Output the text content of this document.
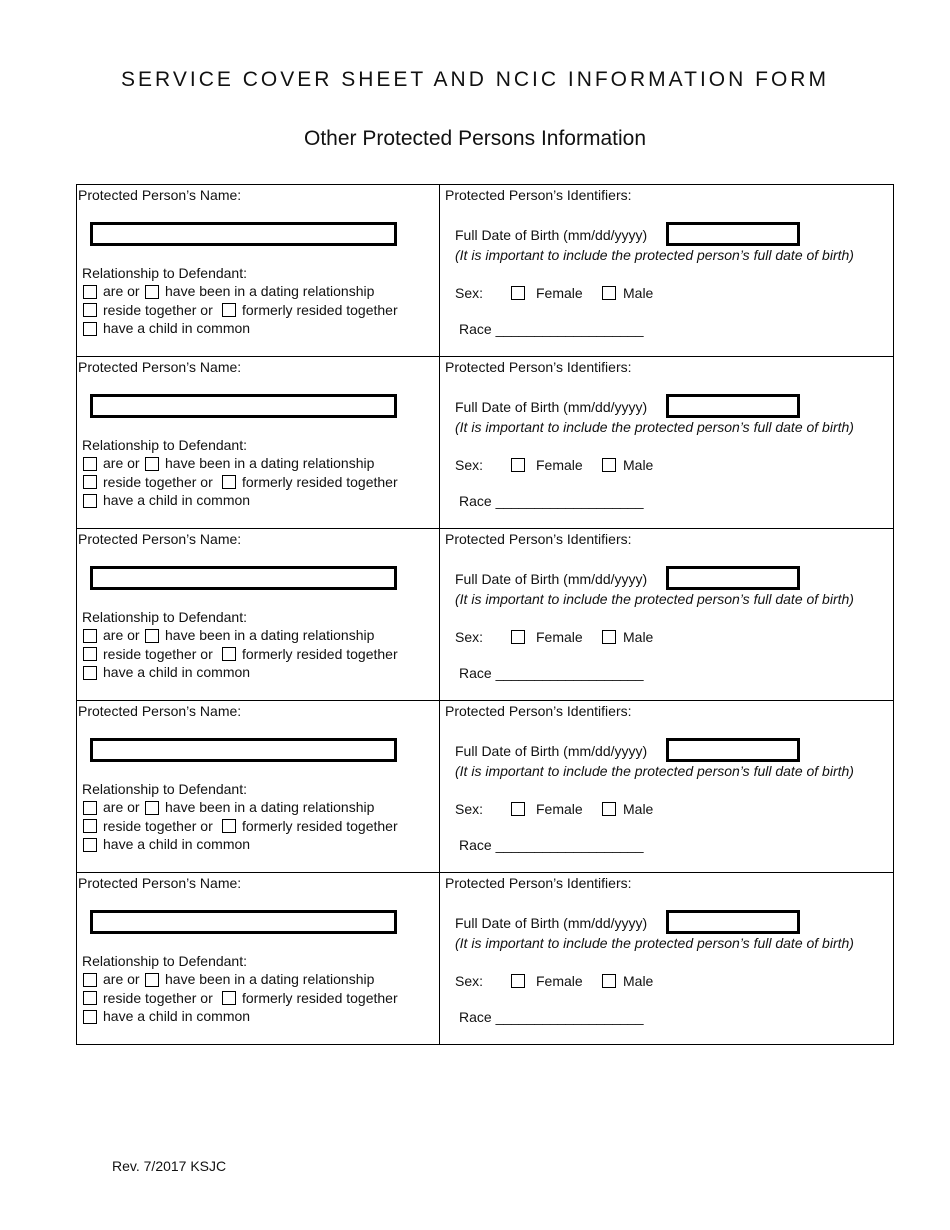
SERVICE COVER SHEET AND NCIC INFORMATION FORM
Other Protected Persons Information
Protected Person’s Name:
Relationship to Defendant:
are or have been in a dating relationship
reside together or formerly resided together
have a child in common
Protected Person’s Identifiers:
Full Date of Birth (mm/dd/yyyy)
(It is important to include the protected person’s full date of birth)
Sex:	Female	Male
Race ___________________
Protected Person’s Name:
Relationship to Defendant:
are or have been in a dating relationship
reside together or formerly resided together
have a child in common
Protected Person’s Identifiers:
Full Date of Birth (mm/dd/yyyy)
(It is important to include the protected person’s full date of birth)
Sex:	Female	Male
Race ___________________
Protected Person’s Name:
Relationship to Defendant:
are or have been in a dating relationship
reside together or formerly resided together
have a child in common
Protected Person’s Identifiers:
Full Date of Birth (mm/dd/yyyy)
(It is important to include the protected person’s full date of birth)
Sex:	Female	Male
Race ___________________
Protected Person’s Name:
Relationship to Defendant:
are or have been in a dating relationship
reside together or formerly resided together
have a child in common
Protected Person’s Identifiers:
Full Date of Birth (mm/dd/yyyy)
(It is important to include the protected person’s full date of birth)
Sex:	Female	Male
Race ___________________
Protected Person’s Name:
Relationship to Defendant:
are or have been in a dating relationship
reside together or formerly resided together
have a child in common
Protected Person’s Identifiers:
Full Date of Birth (mm/dd/yyyy)
(It is important to include the protected person’s full date of birth)
Sex:	Female	Male
Race ___________________
Rev. 7/2017 KSJC
